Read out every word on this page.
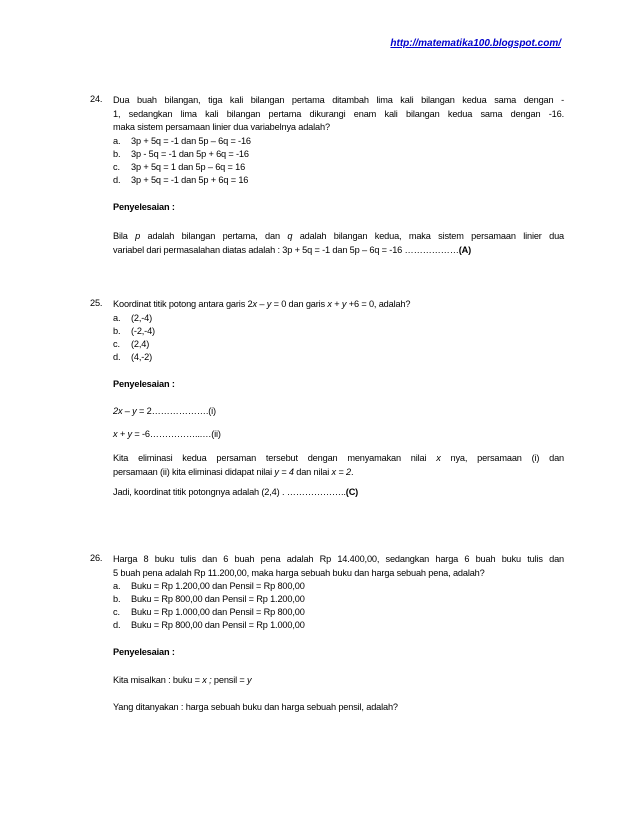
http://matematika100.blogspot.com/
24. Dua buah bilangan, tiga kali bilangan pertama ditambah lima kali bilangan kedua sama dengan -
1, sedangkan lima kali bilangan pertama dikurangi enam kali bilangan kedua sama dengan -16.
maka sistem persamaan linier dua variabelnya adalah?
a.	3p + 5q = -1 dan 5p – 6q = -16
b.	3p - 5q = -1 dan 5p + 6q = -16
c.	3p + 5q = 1 dan 5p – 6q = 16
d.	3p + 5q = -1 dan 5p + 6q = 16
Penyelesaian :
Bila p adalah bilangan pertama, dan q adalah bilangan kedua, maka sistem persamaan linier dua
variabel dari permasalahan diatas adalah : 3p + 5q = -1 dan 5p – 6q = -16 ………………(A)
25. Koordinat titik potong antara garis 2x – y = 0 dan garis x + y +6 = 0, adalah?
a.	(2,-4)
b.	(-2,-4)
c.	(2,4)
d.	(4,-2)
Penyelesaian :
2x – y = 2……………….(i)
x + y = -6……………...…(ii)
Kita eliminasi kedua persaman tersebut dengan menyamakan nilai x nya, persamaan (i) dan
persamaan (ii) kita eliminasi didapat nilai y = 4 dan nilai x = 2.
Jadi, koordinat titik potongnya adalah (2,4) . ………………..(C)
26. Harga 8 buku tulis dan 6 buah pena adalah Rp 14.400,00, sedangkan harga 6 buah buku tulis dan
5 buah pena adalah Rp 11.200,00, maka harga sebuah buku dan harga sebuah pena, adalah?
a.	Buku = Rp 1.200,00 dan Pensil = Rp 800,00
b.	Buku = Rp 800,00 dan Pensil = Rp 1.200,00
c.	Buku = Rp 1.000,00 dan Pensil = Rp 800,00
d.	Buku = Rp 800,00 dan Pensil = Rp 1.000,00
Penyelesaian :
Kita misalkan : buku = x ; pensil = y
Yang ditanyakan : harga sebuah buku dan harga sebuah pensil, adalah?
